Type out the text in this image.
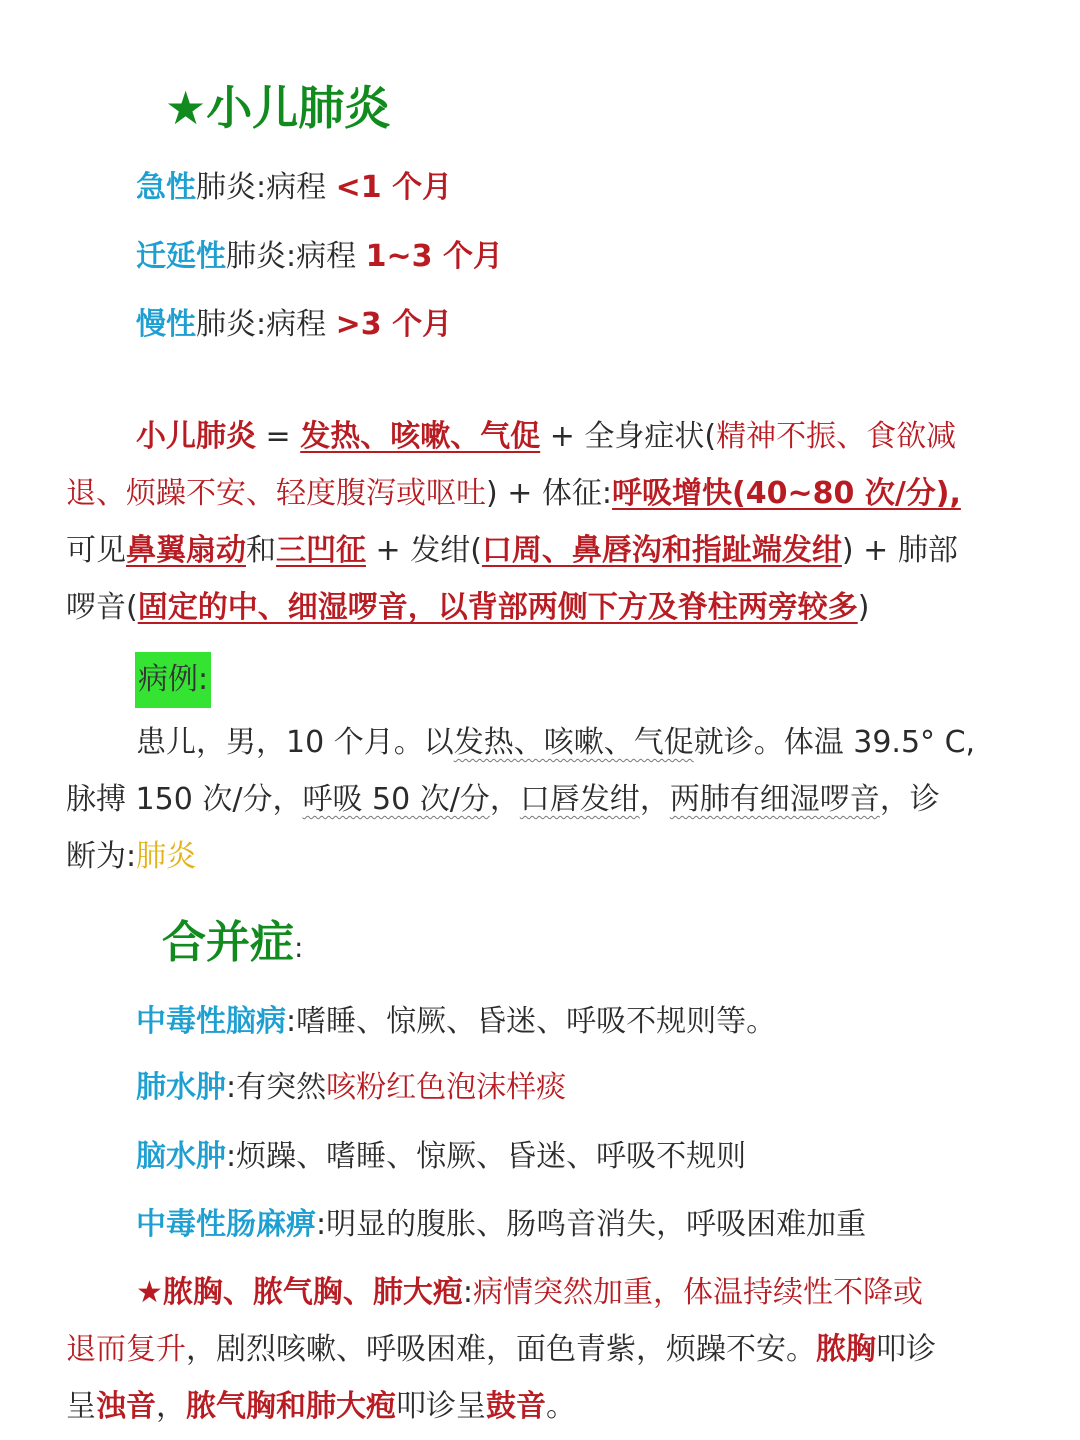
★小儿肺炎
急性肺炎:病程 <1 个月
迁延性肺炎:病程 1~3 个月
慢性肺炎:病程 >3 个月
小儿肺炎 = 发热、咳嗽、气促 + 全身症状(精神不振、食欲减
退、烦躁不安、轻度腹泻或呕吐) + 体征:呼吸增快(40~80 次/分),
可见鼻翼扇动和三凹征 + 发绀(口周、鼻唇沟和指趾端发绀) + 肺部
啰音(固定的中、细湿啰音，以背部两侧下方及脊柱两旁较多)
病例:
患儿，男，10 个月。以发热、咳嗽、气促就诊。体温 39.5° C,
脉搏 150 次/分，呼吸 50 次/分，口唇发绀，两肺有细湿啰音，诊
断为:肺炎
合并症:
中毒性脑病:嗜睡、惊厥、昏迷、呼吸不规则等。
肺水肿:有突然咳粉红色泡沫样痰
脑水肿:烦躁、嗜睡、惊厥、昏迷、呼吸不规则
中毒性肠麻痹:明显的腹胀、肠鸣音消失，呼吸困难加重
★脓胸、脓气胸、肺大疱:病情突然加重，体温持续性不降或
退而复升，剧烈咳嗽、呼吸困难，面色青紫，烦躁不安。脓胸叩诊
呈浊音，脓气胸和肺大疱叩诊呈鼓音。
